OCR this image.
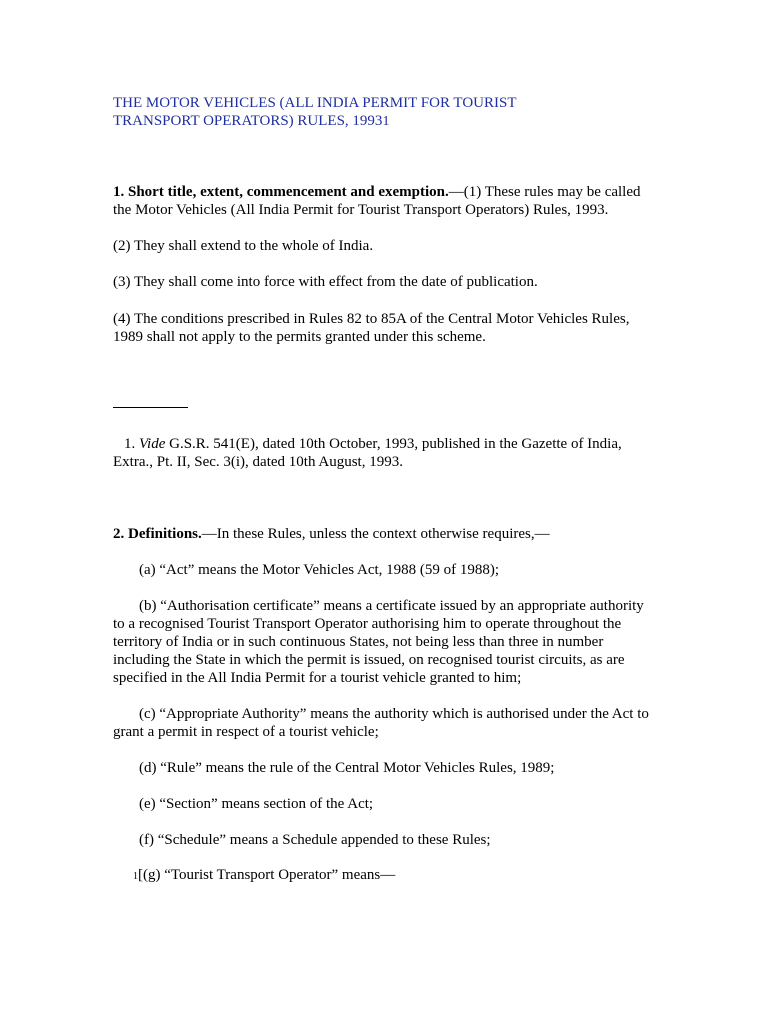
THE MOTOR VEHICLES (ALL INDIA PERMIT FOR TOURIST
TRANSPORT OPERATORS) RULES, 19931
1. Short title, extent, commencement and exemption.—(1) These rules may be called
the Motor Vehicles (All India Permit for Tourist Transport Operators) Rules, 1993.
(2) They shall extend to the whole of India.
(3) They shall come into force with effect from the date of publication.
(4) The conditions prescribed in Rules 82 to 85A of the Central Motor Vehicles Rules,
1989 shall not apply to the permits granted under this scheme.
1. Vide G.S.R. 541(E), dated 10th October, 1993, published in the Gazette of India,
Extra., Pt. II, Sec. 3(i), dated 10th August, 1993.
2. Definitions.—In these Rules, unless the context otherwise requires,—
(a) “Act” means the Motor Vehicles Act, 1988 (59 of 1988);
(b) “Authorisation certificate” means a certificate issued by an appropriate authority
to a recognised Tourist Transport Operator authorising him to operate throughout the
territory of India or in such continuous States, not being less than three in number
including the State in which the permit is issued, on recognised tourist circuits, as are
specified in the All India Permit for a tourist vehicle granted to him;
(c) “Appropriate Authority” means the authority which is authorised under the Act to
grant a permit in respect of a tourist vehicle;
(d) “Rule” means the rule of the Central Motor Vehicles Rules, 1989;
(e) “Section” means section of the Act;
(f) “Schedule” means a Schedule appended to these Rules;
1[(g) “Tourist Transport Operator” means—
